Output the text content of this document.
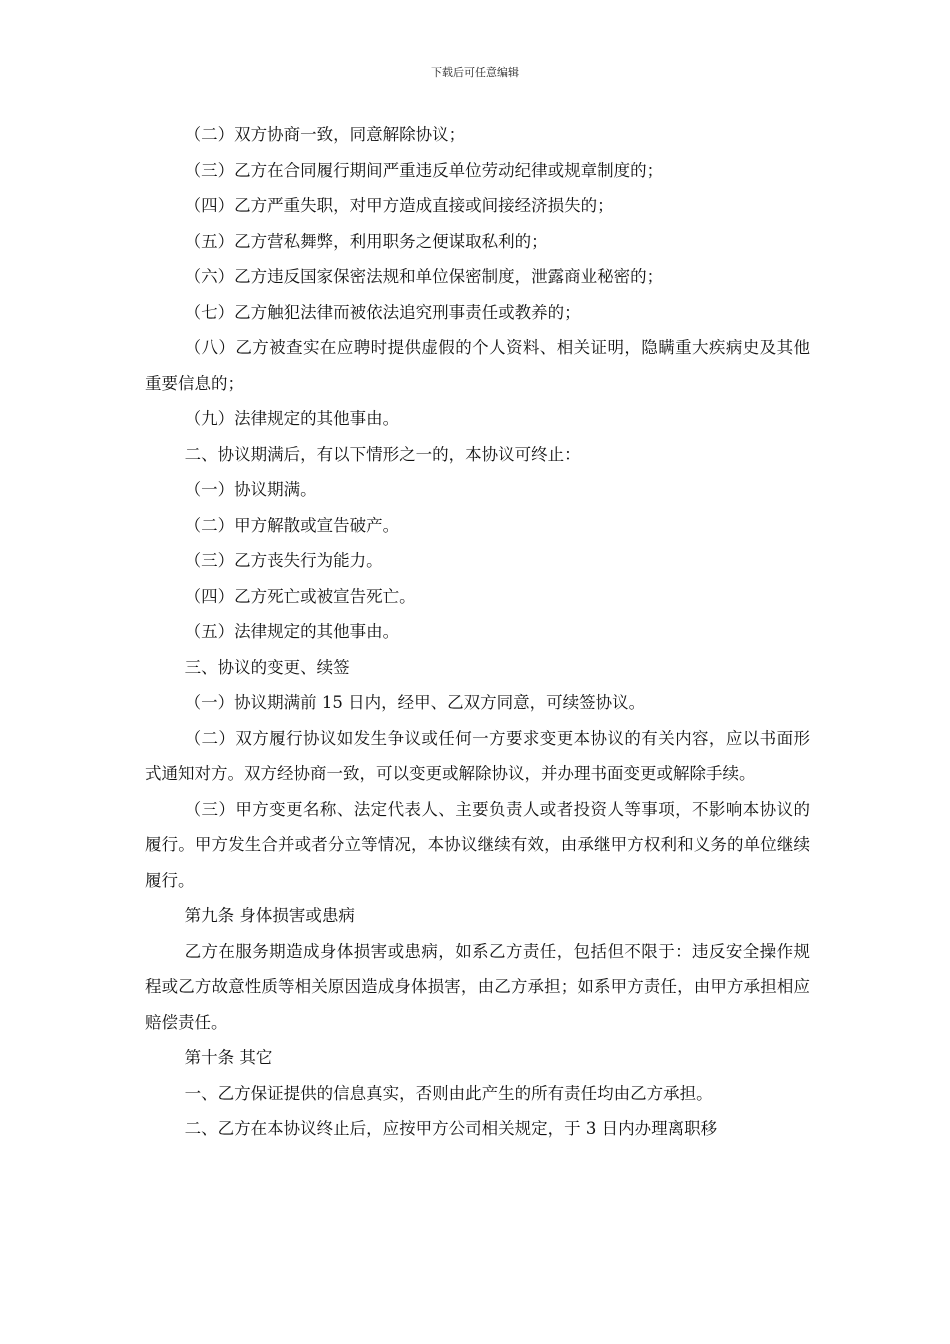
下载后可任意编辑

（二）双方协商一致，同意解除协议；

（三）乙方在合同履行期间严重违反单位劳动纪律或规章制度的；

（四）乙方严重失职，对甲方造成直接或间接经济损失的；

（五）乙方营私舞弊，利用职务之便谋取私利的；

（六）乙方违反国家保密法规和单位保密制度，泄露商业秘密的；

（七）乙方触犯法律而被依法追究刑事责任或教养的；

（八）乙方被查实在应聘时提供虚假的个人资料、相关证明，隐瞒重大疾病史及其他重要信息的；

（九）法律规定的其他事由。

二、协议期满后，有以下情形之一的，本协议可终止：

（一）协议期满。

（二）甲方解散或宣告破产。

（三）乙方丧失行为能力。

（四）乙方死亡或被宣告死亡。

（五）法律规定的其他事由。

三、协议的变更、续签

（一）协议期满前 15 日内，经甲、乙双方同意，可续签协议。

（二）双方履行协议如发生争议或任何一方要求变更本协议的有关内容，应以书面形式通知对方。双方经协商一致，可以变更或解除协议，并办理书面变更或解除手续。

（三）甲方变更名称、法定代表人、主要负责人或者投资人等事项，不影响本协议的履行。甲方发生合并或者分立等情况，本协议继续有效，由承继甲方权利和义务的单位继续履行。

第九条 身体损害或患病

乙方在服务期造成身体损害或患病，如系乙方责任，包括但不限于：违反安全操作规程或乙方故意性质等相关原因造成身体损害，由乙方承担；如系甲方责任，由甲方承担相应赔偿责任。

第十条 其它

一、乙方保证提供的信息真实，否则由此产生的所有责任均由乙方承担。

二、乙方在本协议终止后，应按甲方公司相关规定，于 3 日内办理离职移
